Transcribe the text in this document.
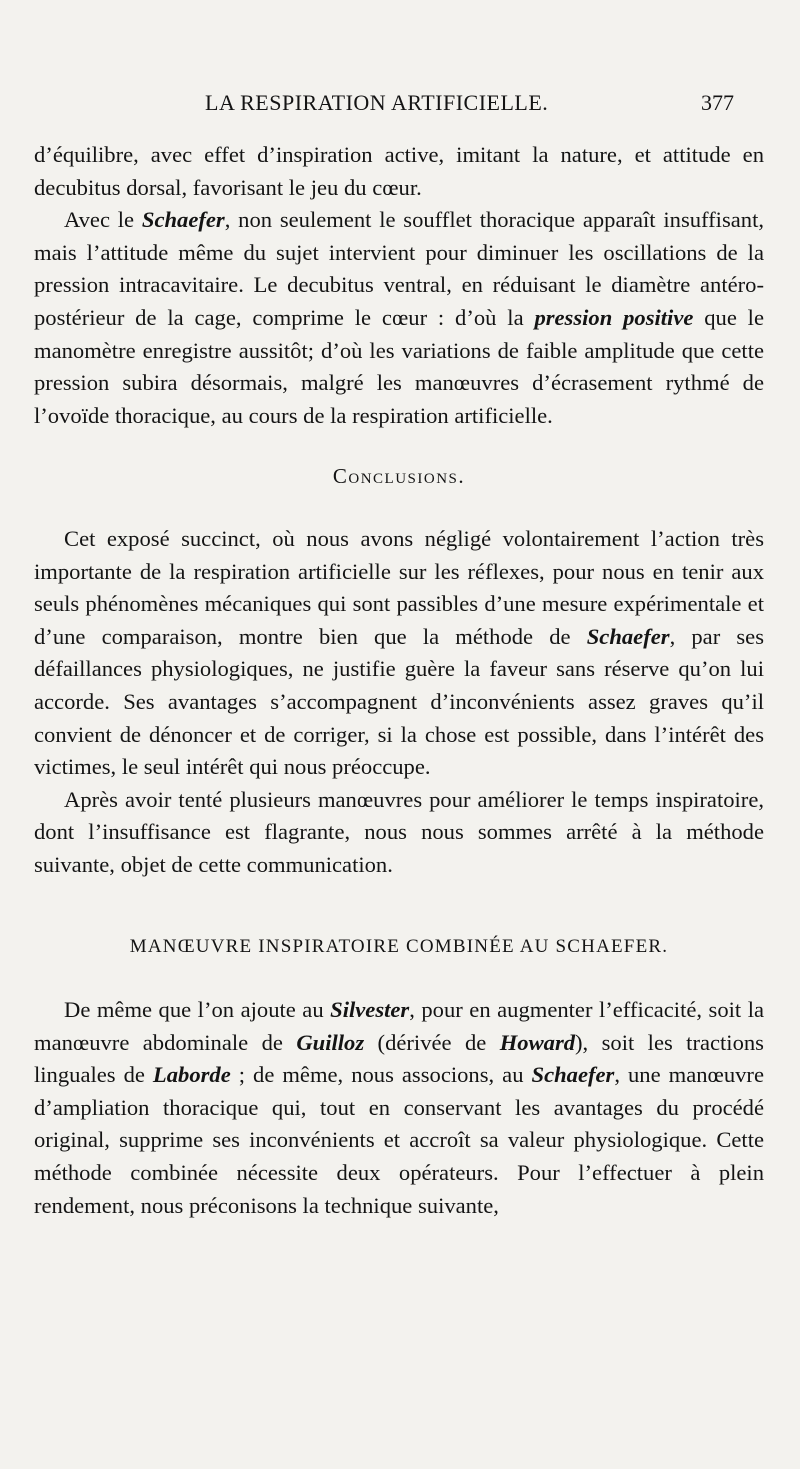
LA RESPIRATION ARTIFICIELLE.	377

d’équilibre, avec effet d’inspiration active, imitant la nature, et attitude en decubitus dorsal, favorisant le jeu du cœur.

Avec le Schaefer, non seulement le soufflet thoracique apparaît insuffisant, mais l’attitude même du sujet intervient pour diminuer les oscillations de la pression intracavitaire. Le decubitus ventral, en réduisant le diamètre antéro-postérieur de la cage, comprime le cœur : d’où la pression positive que le manomètre enregistre aussitôt; d’où les variations de faible amplitude que cette pression subira désormais, malgré les manœuvres d’écrasement rythmé de l’ovoïde thoracique, au cours de la respiration artificielle.

Conclusions.

Cet exposé succinct, où nous avons négligé volontairement l’action très importante de la respiration artificielle sur les réflexes, pour nous en tenir aux seuls phénomènes mécaniques qui sont passibles d’une mesure expérimentale et d’une comparaison, montre bien que la méthode de Schaefer, par ses défaillances physiologiques, ne justifie guère la faveur sans réserve qu’on lui accorde. Ses avantages s’accompagnent d’inconvénients assez graves qu’il convient de dénoncer et de corriger, si la chose est possible, dans l’intérêt des victimes, le seul intérêt qui nous préoccupe.

Après avoir tenté plusieurs manœuvres pour améliorer le temps inspiratoire, dont l’insuffisance est flagrante, nous nous sommes arrêté à la méthode suivante, objet de cette communication.

MANŒUVRE INSPIRATOIRE COMBINÉE AU SCHAEFER.

De même que l’on ajoute au Silvester, pour en augmenter l’efficacité, soit la manœuvre abdominale de Guilloz (dérivée de Howard), soit les tractions linguales de Laborde ; de même, nous associons, au Schaefer, une manœuvre d’ampliation thoracique qui, tout en conservant les avantages du procédé original, supprime ses inconvénients et accroît sa valeur physiologique. Cette méthode combinée nécessite deux opérateurs. Pour l’effectuer à plein rendement, nous préconisons la technique suivante,
